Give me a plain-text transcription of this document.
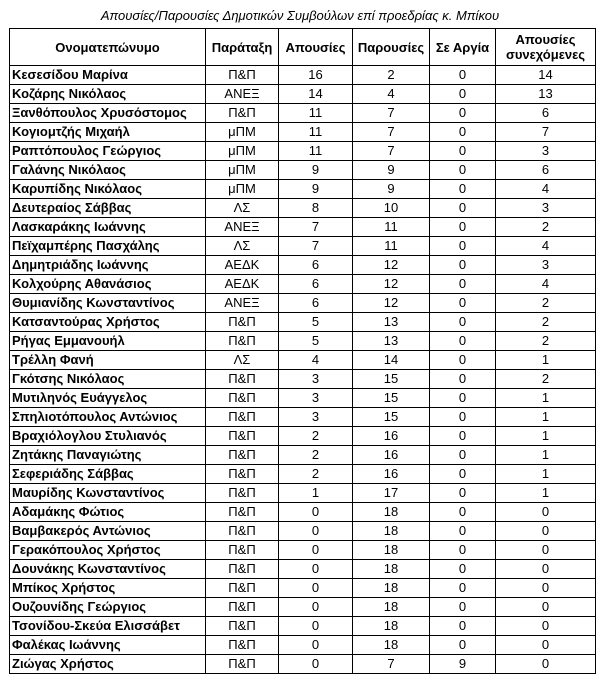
Απουσίες/Παρουσίες Δημοτικών Συμβούλων επί προεδρίας κ. Μπίκου
Ονοματεπώνυμο	Παράταξη	Απουσίες	Παρουσίες	Σε Αργία	Απουσίες συνεχόμενες
Κεσεσίδου Μαρίνα	Π&Π	16	2	0	14
Κοζάρης Νικόλαος	ΑΝΕΞ	14	4	0	13
Ξανθόπουλος Χρυσόστομος	Π&Π	11	7	0	6
Κογιομτζής Μιχαήλ	μΠΜ	11	7	0	7
Ραπτόπουλος Γεώργιος	μΠΜ	11	7	0	3
Γαλάνης Νικόλαος	μΠΜ	9	9	0	6
Καρυπίδης Νικόλαος	μΠΜ	9	9	0	4
Δευτεραίος Σάββας	ΛΣ	8	10	0	3
Λασκαράκης Ιωάννης	ΑΝΕΞ	7	11	0	2
Πεϊχαμπέρης Πασχάλης	ΛΣ	7	11	0	4
Δημητριάδης Ιωάννης	ΑΕΔΚ	6	12	0	3
Κολχούρης Αθανάσιος	ΑΕΔΚ	6	12	0	4
Θυμιανίδης Κωνσταντίνος	ΑΝΕΞ	6	12	0	2
Κατσαντούρας Χρήστος	Π&Π	5	13	0	2
Ρήγας Εμμανουήλ	Π&Π	5	13	0	2
Τρέλλη Φανή	ΛΣ	4	14	0	1
Γκότσης Νικόλαος	Π&Π	3	15	0	2
Μυτιληνός Ευάγγελος	Π&Π	3	15	0	1
Σπηλιοτόπουλος Αντώνιος	Π&Π	3	15	0	1
Βραχιόλογλου Στυλιανός	Π&Π	2	16	0	1
Ζητάκης Παναγιώτης	Π&Π	2	16	0	1
Σεφεριάδης Σάββας	Π&Π	2	16	0	1
Μαυρίδης Κωνσταντίνος	Π&Π	1	17	0	1
Αδαμάκης Φώτιος	Π&Π	0	18	0	0
Βαμβακερός Αντώνιος	Π&Π	0	18	0	0
Γερακόπουλος Χρήστος	Π&Π	0	18	0	0
Δουνάκης Κωνσταντίνος	Π&Π	0	18	0	0
Μπίκος Χρήστος	Π&Π	0	18	0	0
Ουζουνίδης Γεώργιος	Π&Π	0	18	0	0
Τσονίδου-Σκεύα Ελισσάβετ	Π&Π	0	18	0	0
Φαλέκας Ιωάννης	Π&Π	0	18	0	0
Ζιώγας Χρήστος	Π&Π	0	7	9	0
